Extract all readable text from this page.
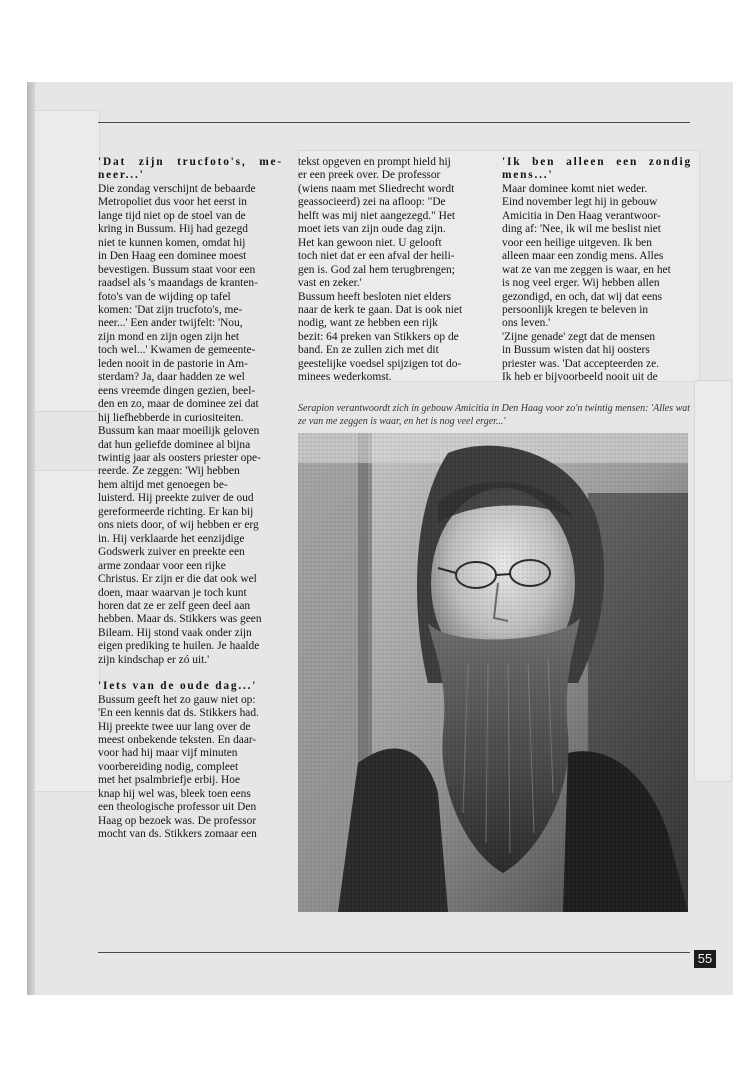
'Dat zijn trucfoto's, me-neer...'

Die zondag verschijnt de bebaarde
Metropoliet dus voor het eerst in
lange tijd niet op de stoel van de
kring in Bussum. Hij had gezegd
niet te kunnen komen, omdat hij
in Den Haag een dominee moest
bevestigen. Bussum staat voor een
raadsel als 's maandags de kranten-
foto's van de wijding op tafel
komen: 'Dat zijn trucfoto's, me-
neer...' Een ander twijfelt: 'Nou,
zijn mond en zijn ogen zijn het
toch wel...' Kwamen de gemeente-
leden nooit in de pastorie in Am-
sterdam? Ja, daar hadden ze wel
eens vreemde dingen gezien, beel-
den en zo, maar de dominee zei dat
hij liefhebberde in curiositeiten.
Bussum kan maar moeilijk geloven
dat hun geliefde dominee al bijna
twintig jaar als oosters priester ope-
reerde. Ze zeggen: 'Wij hebben
hem altijd met genoegen be-
luisterd. Hij preekte zuiver de oud
gereformeerde richting. Er kan bij
ons niets door, of wij hebben er erg
in. Hij verklaarde het eenzijdige
Godswerk zuiver en preekte een
arme zondaar voor een rijke
Christus. Er zijn er die dat ook wel
doen, maar waarvan je toch kunt
horen dat ze er zelf geen deel aan
hebben. Maar ds. Stikkers was geen
Bileam. Hij stond vaak onder zijn
eigen prediking te huilen. Je haalde
zijn kindschap er zó uit.'

'Iets van de oude dag...'

Bussum geeft het zo gauw niet op:
'En een kennis dat ds. Stikkers had.
Hij preekte twee uur lang over de
meest onbekende teksten. En daar-
voor had hij maar vijf minuten
voorbereiding nodig, compleet
met het psalmbriefje erbij. Hoe
knap hij wel was, bleek toen eens
een theologische professor uit Den
Haag op bezoek was. De professor
mocht van ds. Stikkers zomaar een
tekst opgeven en prompt hield hij
er een preek over. De professor
(wiens naam met Sliedrecht wordt
geassocieerd) zei na afloop: "De
helft was mij niet aangezegd." Het
moet iets van zijn oude dag zijn.
Het kan gewoon niet. U gelooft
toch niet dat er een afval der heili-
gen is. God zal hem terugbrengen;
vast en zeker.'
Bussum heeft besloten niet elders
naar de kerk te gaan. Dat is ook niet
nodig, want ze hebben een rijk
bezit: 64 preken van Stikkers op de
band. En ze zullen zich met dit
geestelijke voedsel spijzigen tot do-
minees wederkomst.

'Ik ben alleen een zondig mens...'

Maar dominee komt niet weder.
Eind november legt hij in gebouw
Amicitia in Den Haag verantwoor-
ding af: 'Nee, ik wil me beslist niet
voor een heilige uitgeven. Ik ben
alleen maar een zondig mens. Alles
wat ze van me zeggen is waar, en het
is nog veel erger. Wij hebben allen
gezondigd, en och, dat wij dat eens
persoonlijk kregen te beleven in
ons leven.'
'Zijne genade' zegt dat de mensen
in Bussum wisten dat hij oosters
priester was. 'Dat accepteerden ze.
Ik heb er bijvoorbeeld nooit uit de
Serapion verantwoordt zich in gebouw Amicitia in Den Haag voor zo'n twintig mensen: 'Alles wat ze van me zeggen is waar, en het is nog veel erger...'
55
